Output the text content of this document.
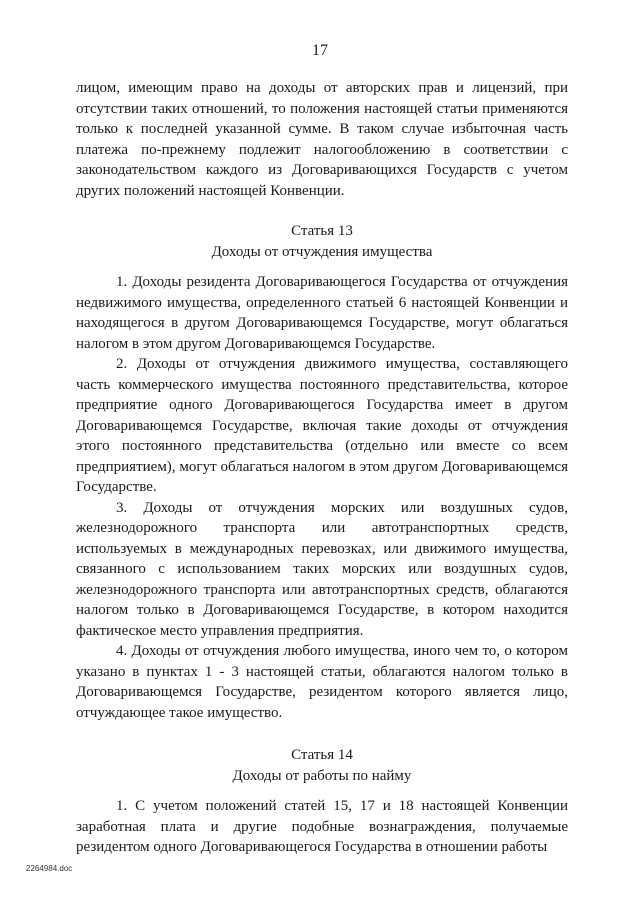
17

лицом, имеющим право на доходы от авторских прав и лицензий, при отсутствии таких отношений, то положения настоящей статьи применяются только к последней указанной сумме. В таком случае избыточная часть платежа по-прежнему подлежит налогообложению в соответствии с законодательством каждого из Договаривающихся Государств с учетом других положений настоящей Конвенции.

Статья 13
Доходы от отчуждения имущества

1. Доходы резидента Договаривающегося Государства от отчуждения недвижимого имущества, определенного статьей 6 настоящей Конвенции и находящегося в другом Договаривающемся Государстве, могут облагаться налогом в этом другом Договаривающемся Государстве.

2. Доходы от отчуждения движимого имущества, составляющего часть коммерческого имущества постоянного представительства, которое предприятие одного Договаривающегося Государства имеет в другом Договаривающемся Государстве, включая такие доходы от отчуждения этого постоянного представительства (отдельно или вместе со всем предприятием), могут облагаться налогом в этом другом Договаривающемся Государстве.

3. Доходы от отчуждения морских или воздушных судов, железнодорожного транспорта или автотранспортных средств, используемых в международных перевозках, или движимого имущества, связанного с использованием таких морских или воздушных судов, железнодорожного транспорта или автотранспортных средств, облагаются налогом только в Договаривающемся Государстве, в котором находится фактическое место управления предприятия.

4. Доходы от отчуждения любого имущества, иного чем то, о котором указано в пунктах 1 - 3 настоящей статьи, облагаются налогом только в Договаривающемся Государстве, резидентом которого является лицо, отчуждающее такое имущество.

Статья 14
Доходы от работы по найму

1. С учетом положений статей 15, 17 и 18 настоящей Конвенции заработная плата и другие подобные вознаграждения, получаемые резидентом одного Договаривающегося Государства в отношении работы

2264984.doc
